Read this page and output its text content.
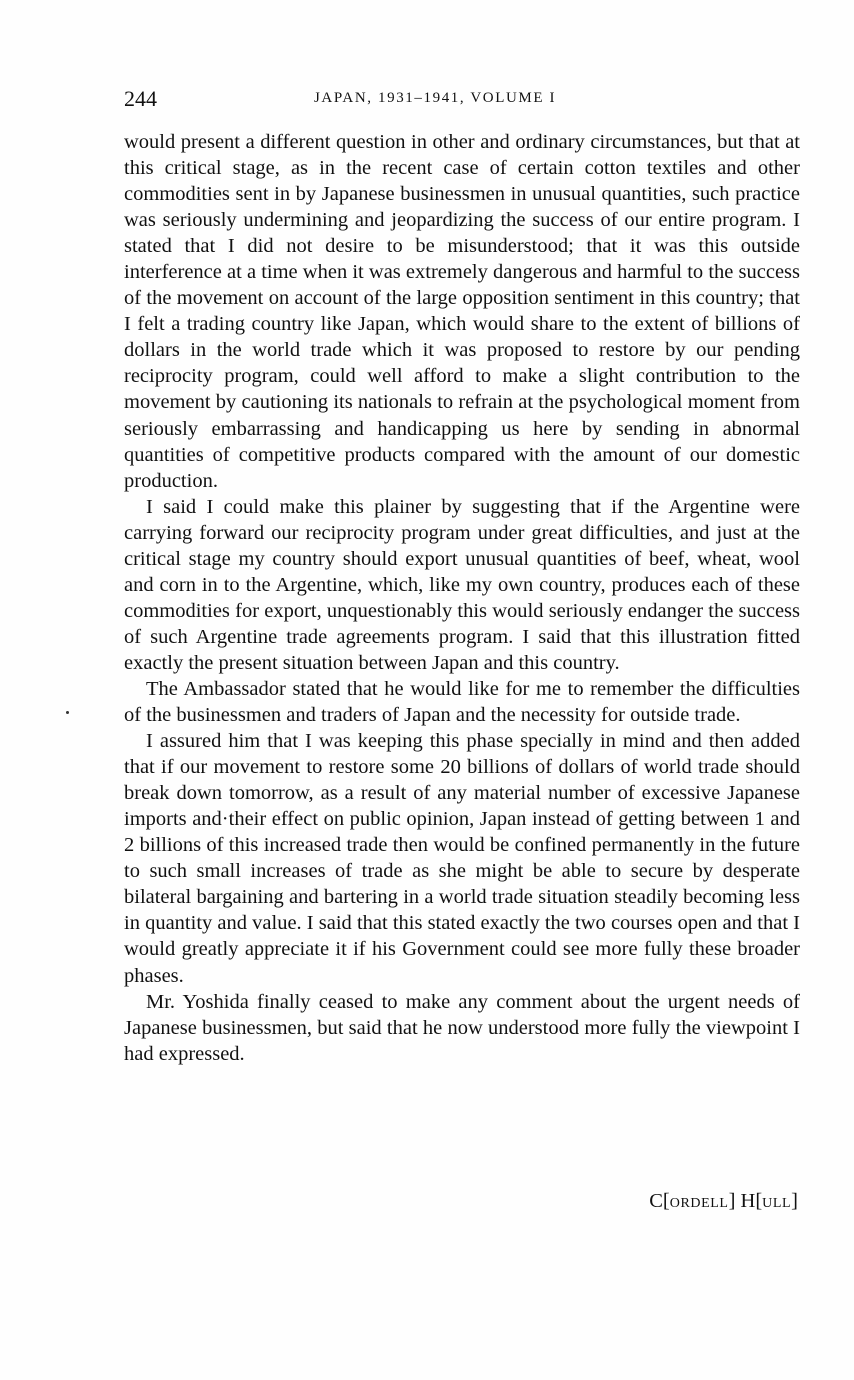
244	JAPAN, 1931–1941, VOLUME I

would present a different question in other and ordinary circumstances, but that at this critical stage, as in the recent case of certain cotton textiles and other commodities sent in by Japanese businessmen in unusual quantities, such practice was seriously undermining and jeopardizing the success of our entire program. I stated that I did not desire to be misunderstood; that it was this outside interference at a time when it was extremely dangerous and harmful to the success of the movement on account of the large opposition sentiment in this country; that I felt a trading country like Japan, which would share to the extent of billions of dollars in the world trade which it was proposed to restore by our pending reciprocity program, could well afford to make a slight contribution to the movement by cautioning its nationals to refrain at the psychological moment from seriously embarrassing and handicapping us here by sending in abnormal quantities of competitive products compared with the amount of our domestic production.

I said I could make this plainer by suggesting that if the Argentine were carrying forward our reciprocity program under great difficulties, and just at the critical stage my country should export unusual quantities of beef, wheat, wool and corn in to the Argentine, which, like my own country, produces each of these commodities for export, unquestionably this would seriously endanger the success of such Argentine trade agreements program. I said that this illustration fitted exactly the present situation between Japan and this country.

The Ambassador stated that he would like for me to remember the difficulties of the businessmen and traders of Japan and the necessity for outside trade.

I assured him that I was keeping this phase specially in mind and then added that if our movement to restore some 20 billions of dollars of world trade should break down tomorrow, as a result of any material number of excessive Japanese imports and·their effect on public opinion, Japan instead of getting between 1 and 2 billions of this increased trade then would be confined permanently in the future to such small increases of trade as she might be able to secure by desperate bilateral bargaining and bartering in a world trade situation steadily becoming less in quantity and value. I said that this stated exactly the two courses open and that I would greatly appreciate it if his Government could see more fully these broader phases.

Mr. Yoshida finally ceased to make any comment about the urgent needs of Japanese businessmen, but said that he now understood more fully the viewpoint I had expressed.

C[ORDELL] H[ULL]
